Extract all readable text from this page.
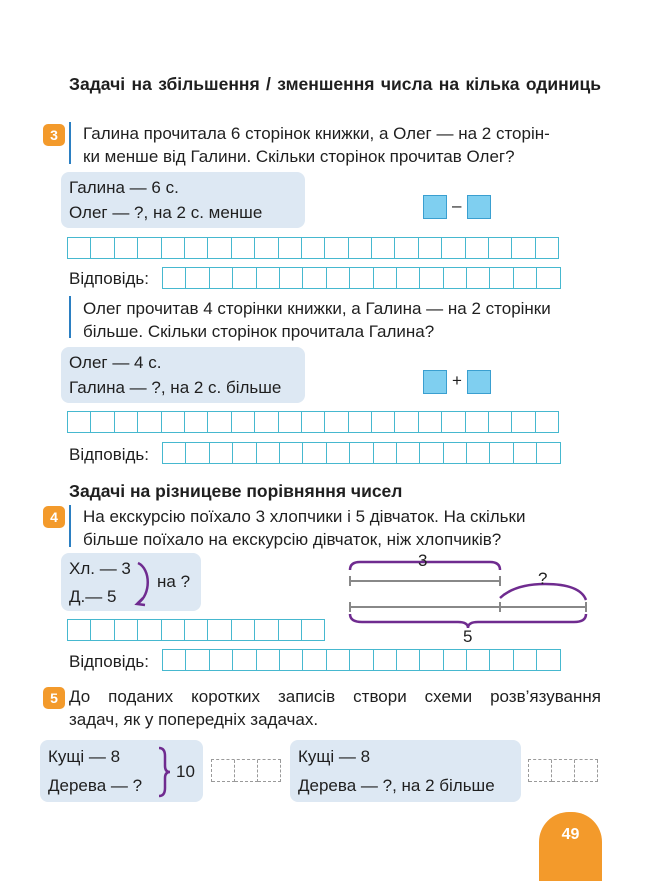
Задачі на збільшення / зменшення числа на кілька одиниць
3	Галина прочитала 6 сторінок книжки, а Олег — на 2 сторін-
ки менше від Галини. Скільки сторінок прочитав Олег?
Галина — 6 с.
Олег — ?, на 2 с. менше	–
Відповідь:
Олег прочитав 4 сторінки книжки, а Галина — на 2 сторінки
більше. Скільки сторінок прочитала Галина?
Олег — 4 с.
Галина — ?, на 2 с. більше	+
Відповідь:
Задачі на різницеве порівняння чисел
4	На екскурсію поїхало 3 хлопчики і 5 дівчаток. На скільки
більше поїхало на екскурсію дівчаток, ніж хлопчиків?
Хл. — 3
Д.— 5
на ?
3
?
5
Відповідь:
5 До поданих коротких записів створи схеми розв’язування
задач, як у попередніх задачах.
Кущі — 8
Дерева — ?
10
Кущі — 8
Дерева — ?, на 2 більше
49
